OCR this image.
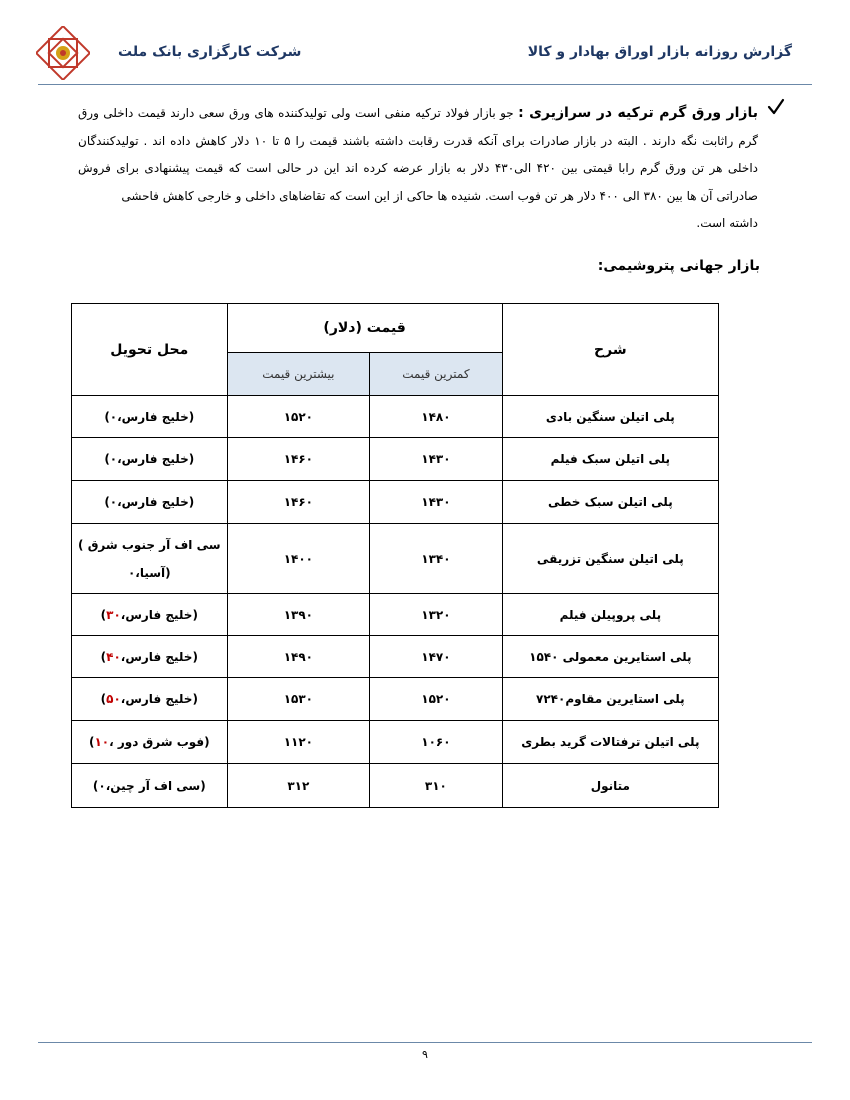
شرکت کارگزاری بانک ملت	گزارش روزانه بازار اوراق بهادار و کالا
بازار ورق گرم ترکیه در سرازیری : جو بازار فولاد ترکیه منفی است ولی تولیدکننده های ورق سعی دارند قیمت داخلی ورق گرم راثابت نگه دارند . البته در بازار صادرات برای آنکه قدرت رقابت داشته باشند قیمت را ۵ تا ۱۰ دلار کاهش داده اند . تولیدکنندگان داخلی هر تن ورق گرم رابا قیمتی بین ۴۲۰ الی۴۳۰ دلار به بازار عرضه کرده اند این در حالی است که قیمت پیشنهادی برای فروش صادراتی آن ها بین ۳۸۰ الی ۴۰۰ دلار هر تن فوب است. شنیده ها حاکی از این است که تقاضاهای داخلی و خارجی کاهش فاحشی
داشته است.
بازار جهانی پتروشیمی:
شرح	قیمت (دلار)		محل تحویل
	کمترین قیمت	بیشترین قیمت	
پلی اتیلن سنگین بادی	۱۴۸۰	۱۵۲۰	(خلیج فارس،۰)
پلی اتیلن سبک فیلم	۱۴۳۰	۱۴۶۰	(خلیج فارس،۰)
پلی اتیلن سبک خطی	۱۴۳۰	۱۴۶۰	(خلیج فارس،۰)
پلی اتیلن سنگین تزریقی	۱۳۴۰	۱۴۰۰	سی اف آر جنوب شرق )
(آسیا،۰

پلی پروپیلن فیلم	۱۳۲۰	۱۳۹۰	(خلیج فارس،۳۰)
پلی استایرین معمولی ۱۵۴۰	۱۴۷۰	۱۴۹۰	(خلیج فارس،۴۰)
پلی استایرین مقاوم۷۲۴۰	۱۵۲۰	۱۵۳۰	(خلیج فارس،۵۰)
پلی اتیلن ترفتالات گرید بطری	۱۰۶۰	۱۱۲۰	(فوب شرق دور ،۱۰)
متانول	۳۱۰	۳۱۲	(سی اف آر چین،۰)
۹
